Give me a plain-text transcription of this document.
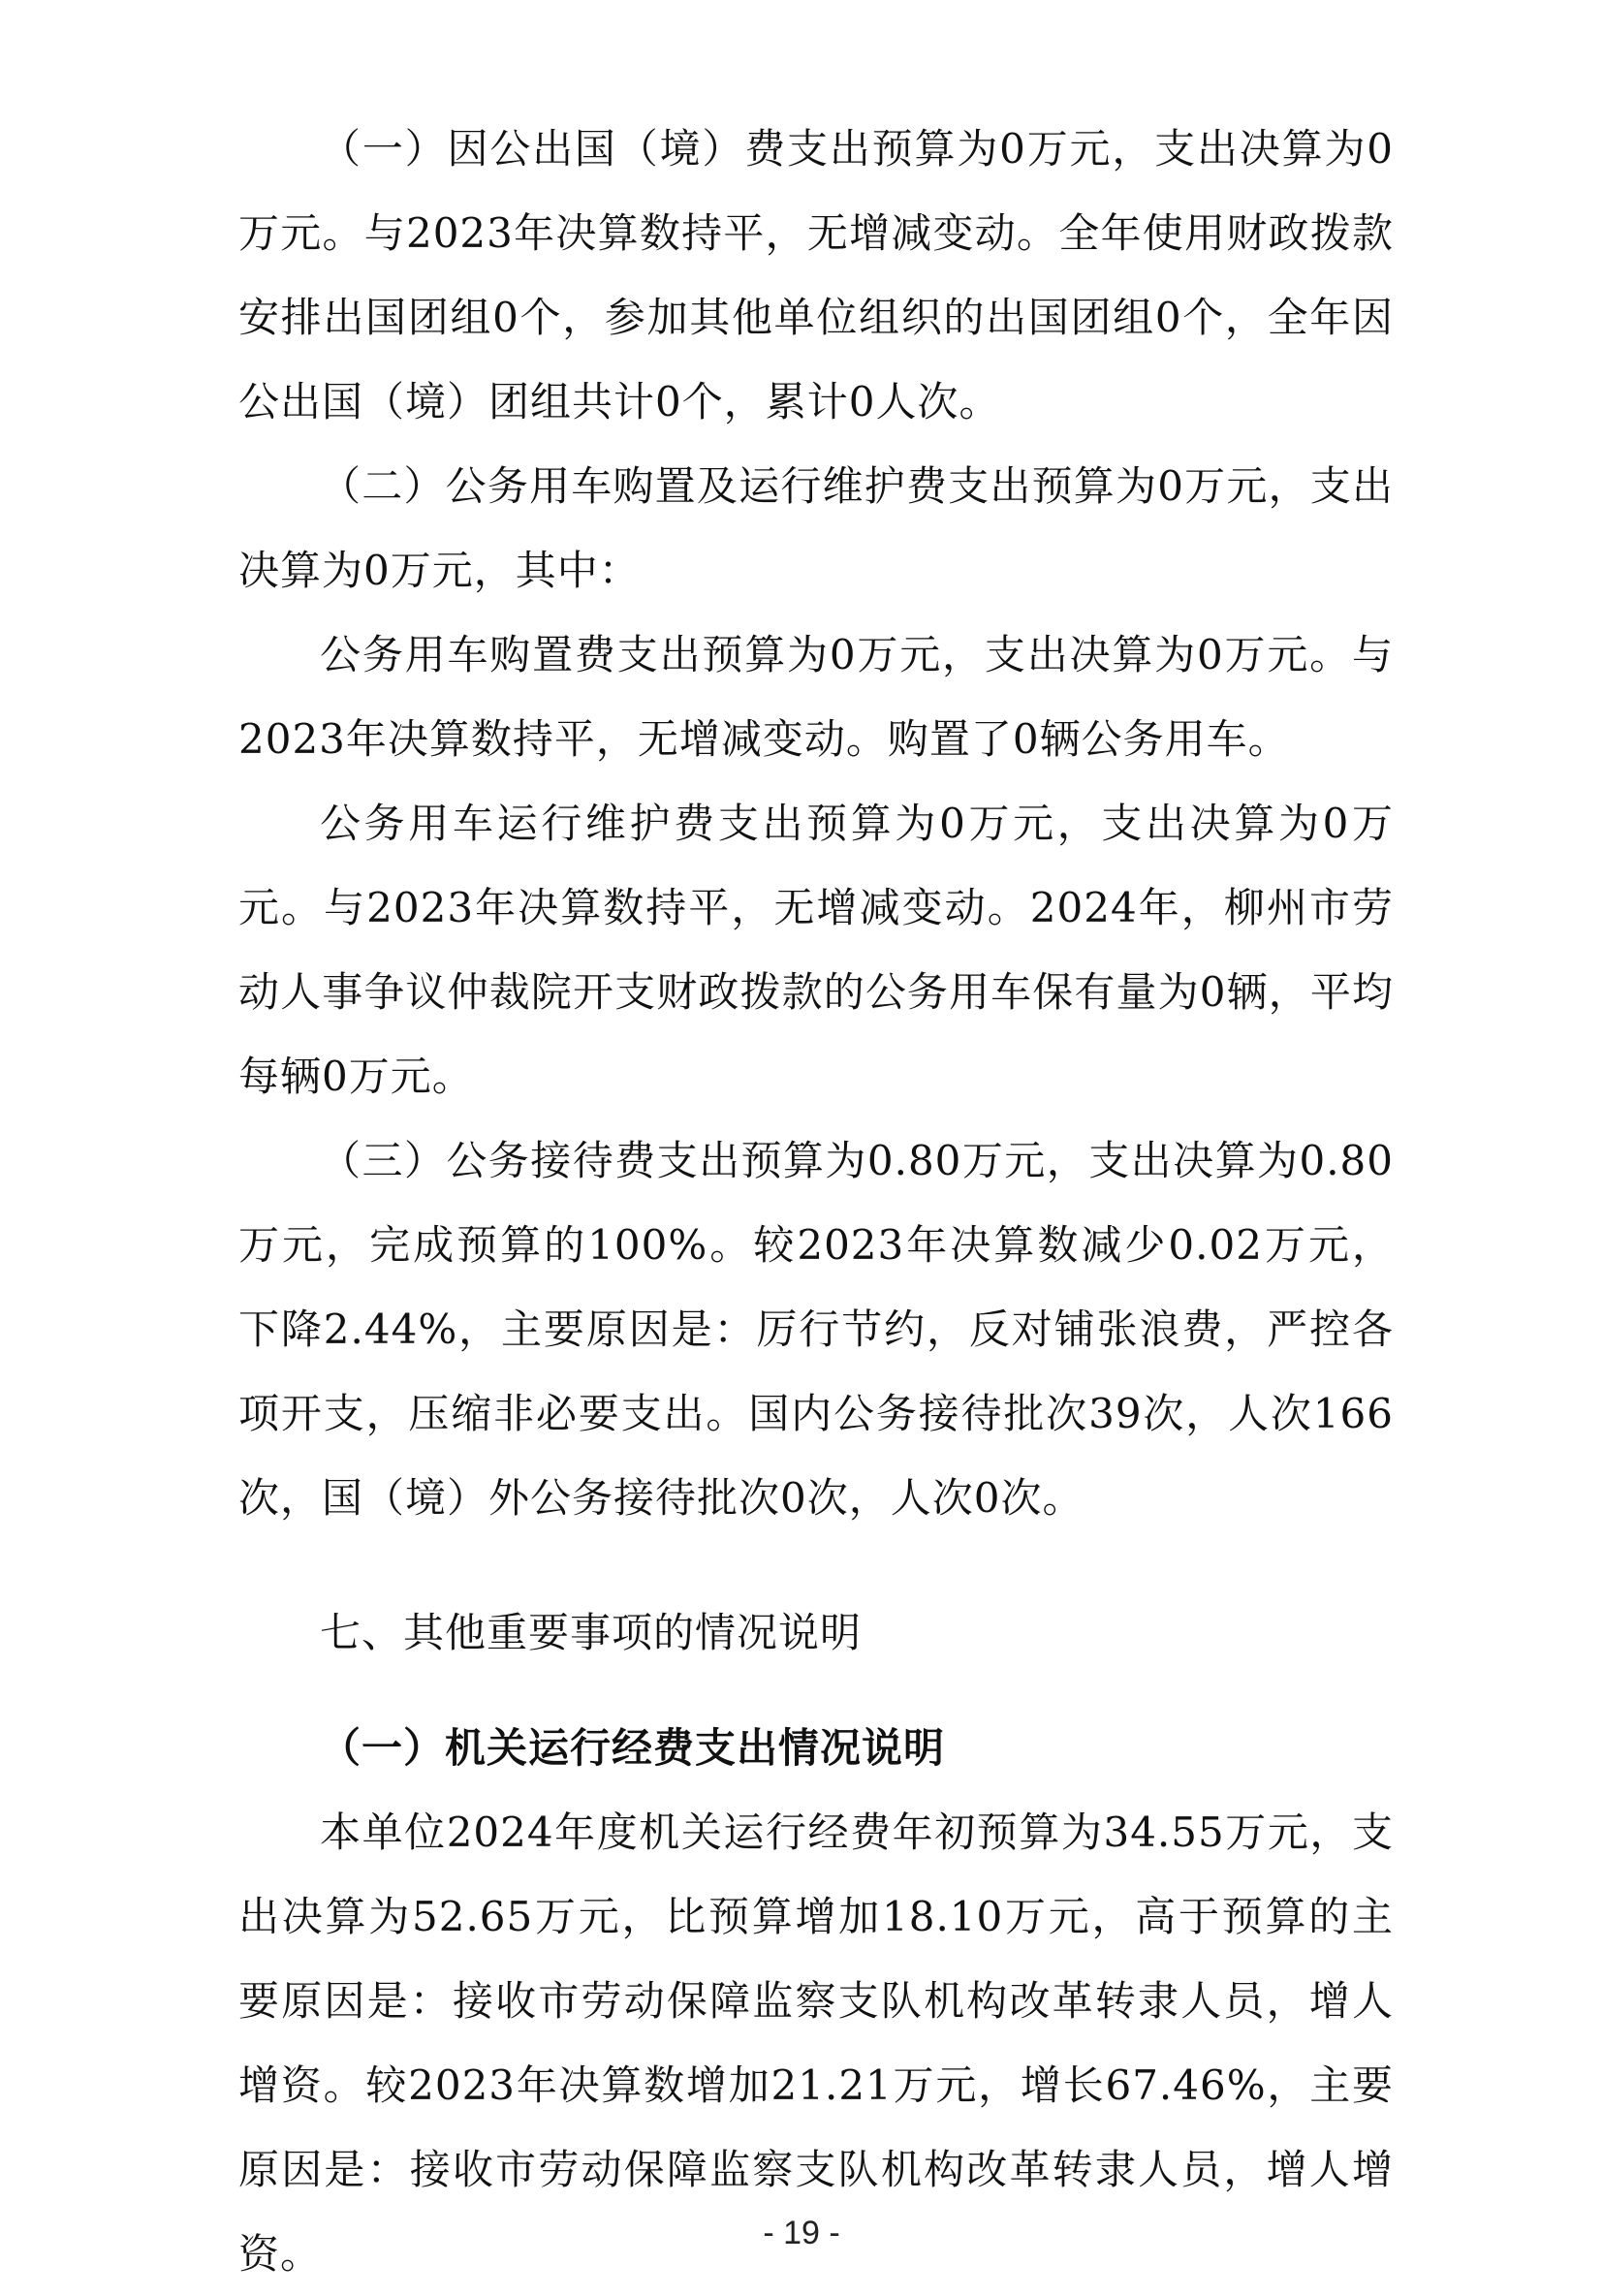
（一）因公出国（境）费支出预算为0万元，支出决算为0万元。与2023年决算数持平，无增减变动。全年使用财政拨款安排出国团组0个，参加其他单位组织的出国团组0个，全年因公出国（境）团组共计0个，累计0人次。

（二）公务用车购置及运行维护费支出预算为0万元，支出决算为0万元，其中：

公务用车购置费支出预算为0万元，支出决算为0万元。与2023年决算数持平，无增减变动。购置了0辆公务用车。

公务用车运行维护费支出预算为0万元，支出决算为0万元。与2023年决算数持平，无增减变动。2024年，柳州市劳动人事争议仲裁院开支财政拨款的公务用车保有量为0辆，平均每辆0万元。

（三）公务接待费支出预算为0.80万元，支出决算为0.80万元，完成预算的100%。较2023年决算数减少0.02万元，下降2.44%，主要原因是：厉行节约，反对铺张浪费，严控各项开支，压缩非必要支出。国内公务接待批次39次，人次166次，国（境）外公务接待批次0次，人次0次。

七、其他重要事项的情况说明
（一）机关运行经费支出情况说明

本单位2024年度机关运行经费年初预算为34.55万元，支出决算为52.65万元，比预算增加18.10万元，高于预算的主要原因是：接收市劳动保障监察支队机构改革转隶人员，增人增资。较2023年决算数增加21.21万元，增长67.46%，主要原因是：接收市劳动保障监察支队机构改革转隶人员，增人增资。	- 19 -
